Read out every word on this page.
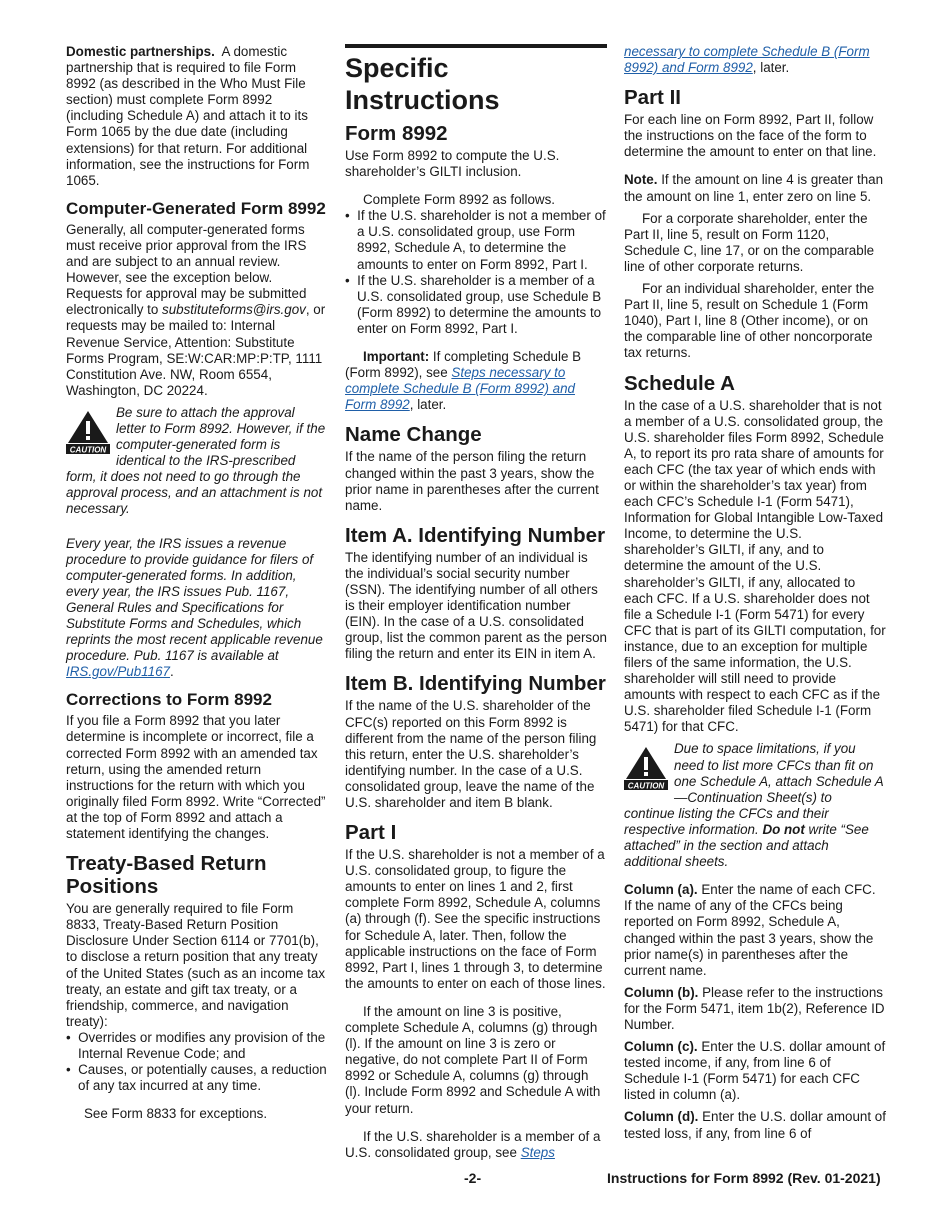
Domestic partnerships. A domestic partnership that is required to file Form 8992 (as described in the Who Must File section) must complete Form 8992 (including Schedule A) and attach it to its Form 1065 by the due date (including extensions) for that return. For additional information, see the instructions for Form 1065.

Computer-Generated Form 8992

Generally, all computer-generated forms must receive prior approval from the IRS and are subject to an annual review. However, see the exception below. Requests for approval may be submitted electronically to substituteforms@irs.gov, or requests may be mailed to: Internal Revenue Service, Attention: Substitute Forms Program, SE:W:CAR:MP:P:TP, 1111 Constitution Ave. NW, Room 6554, Washington, DC 20224.

CAUTION
Be sure to attach the approval letter to Form 8992. However, if the computer-generated form is identical to the IRS-prescribed form, it does not need to go through the approval process, and an attachment is not necessary.

Every year, the IRS issues a revenue procedure to provide guidance for filers of computer-generated forms. In addition, every year, the IRS issues Pub. 1167, General Rules and Specifications for Substitute Forms and Schedules, which reprints the most recent applicable revenue procedure. Pub. 1167 is available at IRS.gov/Pub1167.

Corrections to Form 8992

If you file a Form 8992 that you later determine is incomplete or incorrect, file a corrected Form 8992 with an amended tax return, using the amended return instructions for the return with which you originally filed Form 8992. Write “Corrected” at the top of Form 8992 and attach a statement identifying the changes.

Treaty-Based Return Positions

You are generally required to file Form 8833, Treaty-Based Return Position Disclosure Under Section 6114 or 7701(b), to disclose a return position that any treaty of the United States (such as an income tax treaty, an estate and gift tax treaty, or a friendship, commerce, and navigation treaty):

•  Overrides or modifies any provision of the Internal Revenue Code; and

•  Causes, or potentially causes, a reduction of any tax incurred at any time.

See Form 8833 for exceptions.

Specific Instructions
Form 8992

Use Form 8992 to compute the U.S. shareholder’s GILTI inclusion.

Complete Form 8992 as follows.

•  If the U.S. shareholder is not a member of a U.S. consolidated group, use Form 8992, Schedule A, to determine the amounts to enter on Form 8992, Part I.

•  If the U.S. shareholder is a member of a U.S. consolidated group, use Schedule B (Form 8992) to determine the amounts to enter on Form 8992, Part I.

Important: If completing Schedule B (Form 8992), see Steps necessary to complete Schedule B (Form 8992) and Form 8992, later.

Name Change

If the name of the person filing the return changed within the past 3 years, show the prior name in parentheses after the current name.

Item A. Identifying Number

The identifying number of an individual is the individual’s social security number (SSN). The identifying number of all others is their employer identification number (EIN). In the case of a U.S. consolidated group, list the common parent as the person filing the return and enter its EIN in item A.

Item B. Identifying Number

If the name of the U.S. shareholder of the CFC(s) reported on this Form 8992 is different from the name of the person filing this return, enter the U.S. shareholder’s identifying number. In the case of a U.S. consolidated group, leave the name of the U.S. shareholder and item B blank.

Part I

If the U.S. shareholder is not a member of a U.S. consolidated group, to figure the amounts to enter on lines 1 and 2, first complete Form 8992, Schedule A, columns (a) through (f). See the specific instructions for Schedule A, later. Then, follow the applicable instructions on the face of Form 8992, Part I, lines 1 through 3, to determine the amounts to enter on each of those lines.

If the amount on line 3 is positive, complete Schedule A, columns (g) through (l). If the amount on line 3 is zero or negative, do not complete Part II of Form 8992 or Schedule A, columns (g) through (l). Include Form 8992 and Schedule A with your return.

If the U.S. shareholder is a member of a U.S. consolidated group, see Steps

necessary to complete Schedule B (Form 8992) and Form 8992, later.

Part II

For each line on Form 8992, Part II, follow the instructions on the face of the form to determine the amount to enter on that line.

Note. If the amount on line 4 is greater than the amount on line 1, enter zero on line 5.

For a corporate shareholder, enter the Part II, line 5, result on Form 1120, Schedule C, line 17, or on the comparable line of other corporate returns.

For an individual shareholder, enter the Part II, line 5, result on Schedule 1 (Form 1040), Part I, line 8 (Other income), or on the comparable line of other noncorporate tax returns.

Schedule A

In the case of a U.S. shareholder that is not a member of a U.S. consolidated group, the U.S. shareholder files Form 8992, Schedule A, to report its pro rata share of amounts for each CFC (the tax year of which ends with or within the shareholder’s tax year) from each CFC’s Schedule I-1 (Form 5471), Information for Global Intangible Low-Taxed Income, to determine the U.S. shareholder’s GILTI, if any, and to determine the amount of the U.S. shareholder’s GILTI, if any, allocated to each CFC. If a U.S. shareholder does not file a Schedule I-1 (Form 5471) for every CFC that is part of its GILTI computation, for instance, due to an exception for multiple filers of the same information, the U.S. shareholder will still need to provide amounts with respect to each CFC as if the U.S. shareholder filed Schedule I-1 (Form 5471) for that CFC.

CAUTION
Due to space limitations, if you need to list more CFCs than fit on one Schedule A, attach Schedule A—Continuation Sheet(s) to continue listing the CFCs and their respective information. Do not write “See attached” in the section and attach additional sheets.

Column (a). Enter the name of each CFC. If the name of any of the CFCs being reported on Form 8992, Schedule A, changed within the past 3 years, show the prior name(s) in parentheses after the current name.

Column (b). Please refer to the instructions for the Form 5471, item 1b(2), Reference ID Number.

Column (c). Enter the U.S. dollar amount of tested income, if any, from line 6 of Schedule I-1 (Form 5471) for each CFC listed in column (a).

Column (d). Enter the U.S. dollar amount of tested loss, if any, from line 6 of

-2-	Instructions for Form 8992 (Rev. 01-2021)
